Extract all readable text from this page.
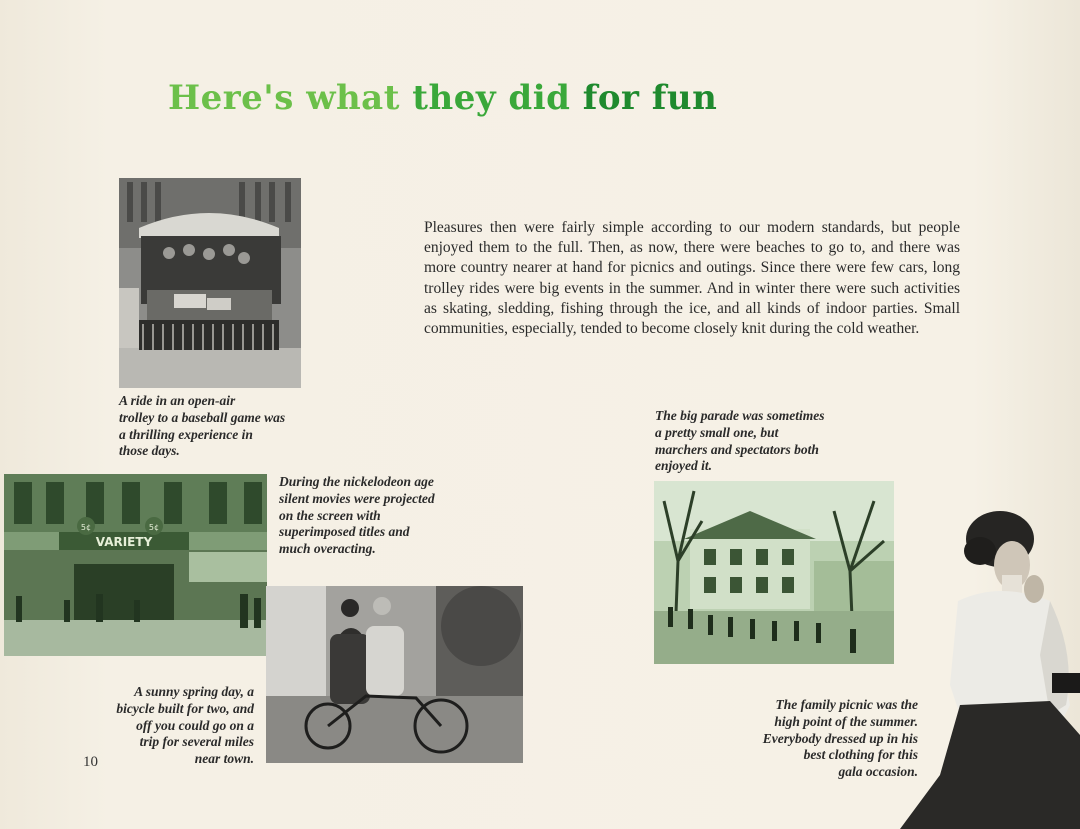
Here's what they did for fun
A ride in an open-air
trolley to a baseball game was
a thrilling experience in
those days.
Pleasures then were fairly simple according to our modern standards, but people enjoyed them to the full. Then, as now, there were beaches to go to, and there was more country nearer at hand for picnics and outings. Since there were few cars, long trolley rides were big events in the summer. And in winter there were such activities as skating, sledding, fishing through the ice, and all kinds of indoor parties. Small communities, especially, tended to become closely knit during the cold weather.
The big parade was sometimes
a pretty small one, but
marchers and spectators both
enjoyed it.
VARIETY
5¢	5¢
During the nickelodeon age
silent movies were projected
on the screen with
superimposed titles and
much overacting.
A sunny spring day, a
bicycle built for two, and
off you could go on a
trip for several miles
near town.
10
The family picnic was the
high point of the summer.
Everybody dressed up in his
best clothing for this
gala occasion.
